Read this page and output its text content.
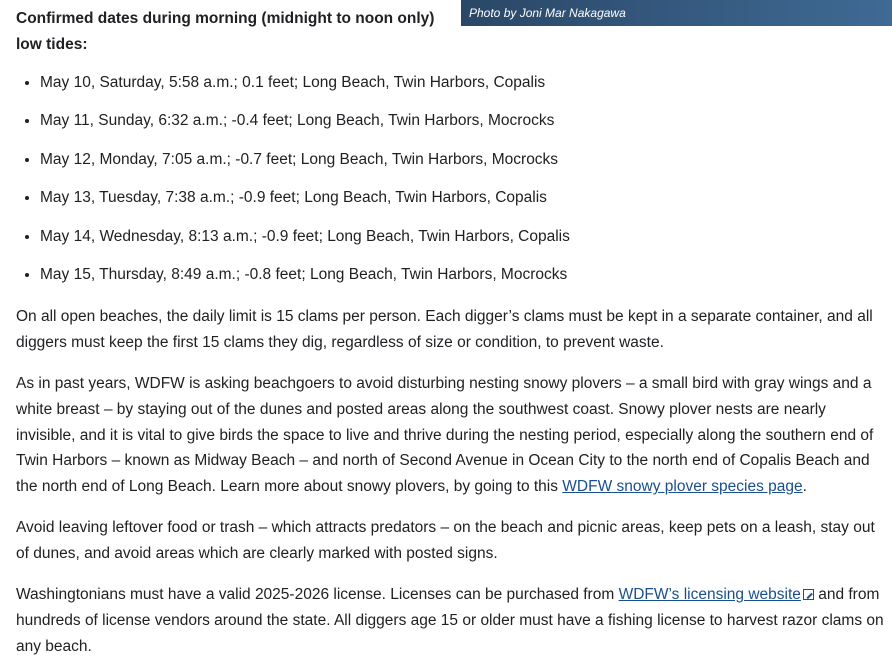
Photo by Joni Mar Nakagawa

Confirmed dates during morning (midnight to noon only) low tides:

• May 10, Saturday, 5:58 a.m.; 0.1 feet; Long Beach, Twin Harbors, Copalis
• May 11, Sunday, 6:32 a.m.; -0.4 feet; Long Beach, Twin Harbors, Mocrocks
• May 12, Monday, 7:05 a.m.; -0.7 feet; Long Beach, Twin Harbors, Mocrocks
• May 13, Tuesday, 7:38 a.m.; -0.9 feet; Long Beach, Twin Harbors, Copalis
• May 14, Wednesday, 8:13 a.m.; -0.9 feet; Long Beach, Twin Harbors, Copalis
• May 15, Thursday, 8:49 a.m.; -0.8 feet; Long Beach, Twin Harbors, Mocrocks

On all open beaches, the daily limit is 15 clams per person. Each digger’s clams must be kept in a separate container, and all diggers must keep the first 15 clams they dig, regardless of size or condition, to prevent waste.

As in past years, WDFW is asking beachgoers to avoid disturbing nesting snowy plovers – a small bird with gray wings and a white breast – by staying out of the dunes and posted areas along the southwest coast. Snowy plover nests are nearly invisible, and it is vital to give birds the space to live and thrive during the nesting period, especially along the southern end of Twin Harbors – known as Midway Beach – and north of Second Avenue in Ocean City to the north end of Copalis Beach and the north end of Long Beach. Learn more about snowy plovers, by going to this WDFW snowy plover species page.

Avoid leaving leftover food or trash – which attracts predators – on the beach and picnic areas, keep pets on a leash, stay out of dunes, and avoid areas which are clearly marked with posted signs.

Washingtonians must have a valid 2025-2026 license. Licenses can be purchased from WDFW’s licensing website and from hundreds of license vendors around the state. All diggers age 15 or older must have a fishing license to harvest razor clams on any beach.
